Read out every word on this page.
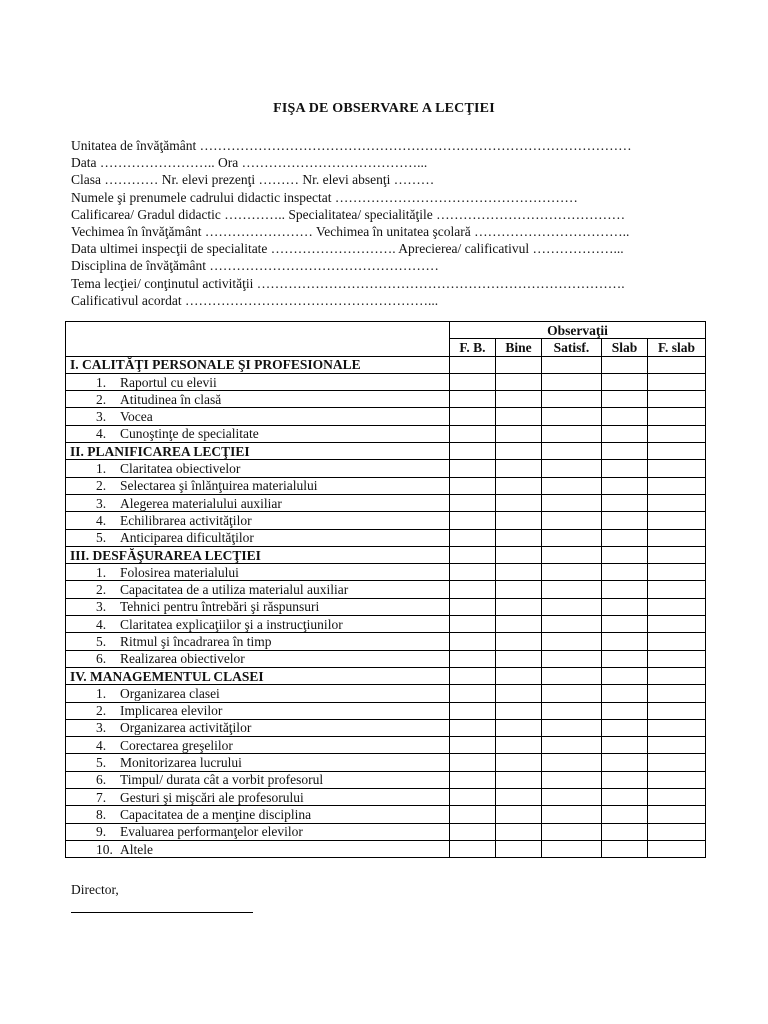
FIŞA DE OBSERVARE A LECŢIEI
Unitatea de învăţământ ……………………………………………………………………………………
Data …………………….. Ora …………………………………...
Clasa ………… Nr. elevi prezenţi ……… Nr. elevi absenţi ………
Numele şi prenumele cadrului didactic inspectat ………………………………………………
Calificarea/ Gradul didactic ………….. Specialitatea/ specialităţile ……………………………………
Vechimea în învăţământ …………………… Vechimea în unitatea şcolară ……………………………..
Data ultimei inspecţii de specialitate ………………………. Aprecierea/ calificativul ………………...
Disciplina de învăţământ ……………………………………………
Tema lecţiei/ conţinutul activităţii ……………………………………………………………………….
Calificativul acordat ………………………………………………...
	Observaţii				
	F. B.	Bine	Satisf.	Slab	F. slab
I. CALITĂŢI PERSONALE ŞI PROFESIONALE					
1. Raportul cu elevii					
2. Atitudinea în clasă					
3. Vocea					
4. Cunoştinţe de specialitate					
II. PLANIFICAREA LECŢIEI					
1. Claritatea obiectivelor					
2. Selectarea şi înlănţuirea materialului					
3. Alegerea materialului auxiliar					
4. Echilibrarea activităţilor					
5. Anticiparea dificultăţilor					
III. DESFĂŞURAREA LECŢIEI					
1. Folosirea materialului					
2. Capacitatea de a utiliza materialul auxiliar					
3. Tehnici pentru întrebări şi răspunsuri					
4. Claritatea explicaţiilor şi a instrucţiunilor					
5. Ritmul şi încadrarea în timp					
6. Realizarea obiectivelor					
IV. MANAGEMENTUL CLASEI					
1. Organizarea clasei					
2. Implicarea elevilor					
3. Organizarea activităţilor					
4. Corectarea greşelilor					
5. Monitorizarea lucrului					
6. Timpul/ durata cât a vorbit profesorul					
7. Gesturi şi mişcări ale profesorului					
8. Capacitatea de a menţine disciplina					
9. Evaluarea performanţelor elevilor					
10. Altele					
Director,
